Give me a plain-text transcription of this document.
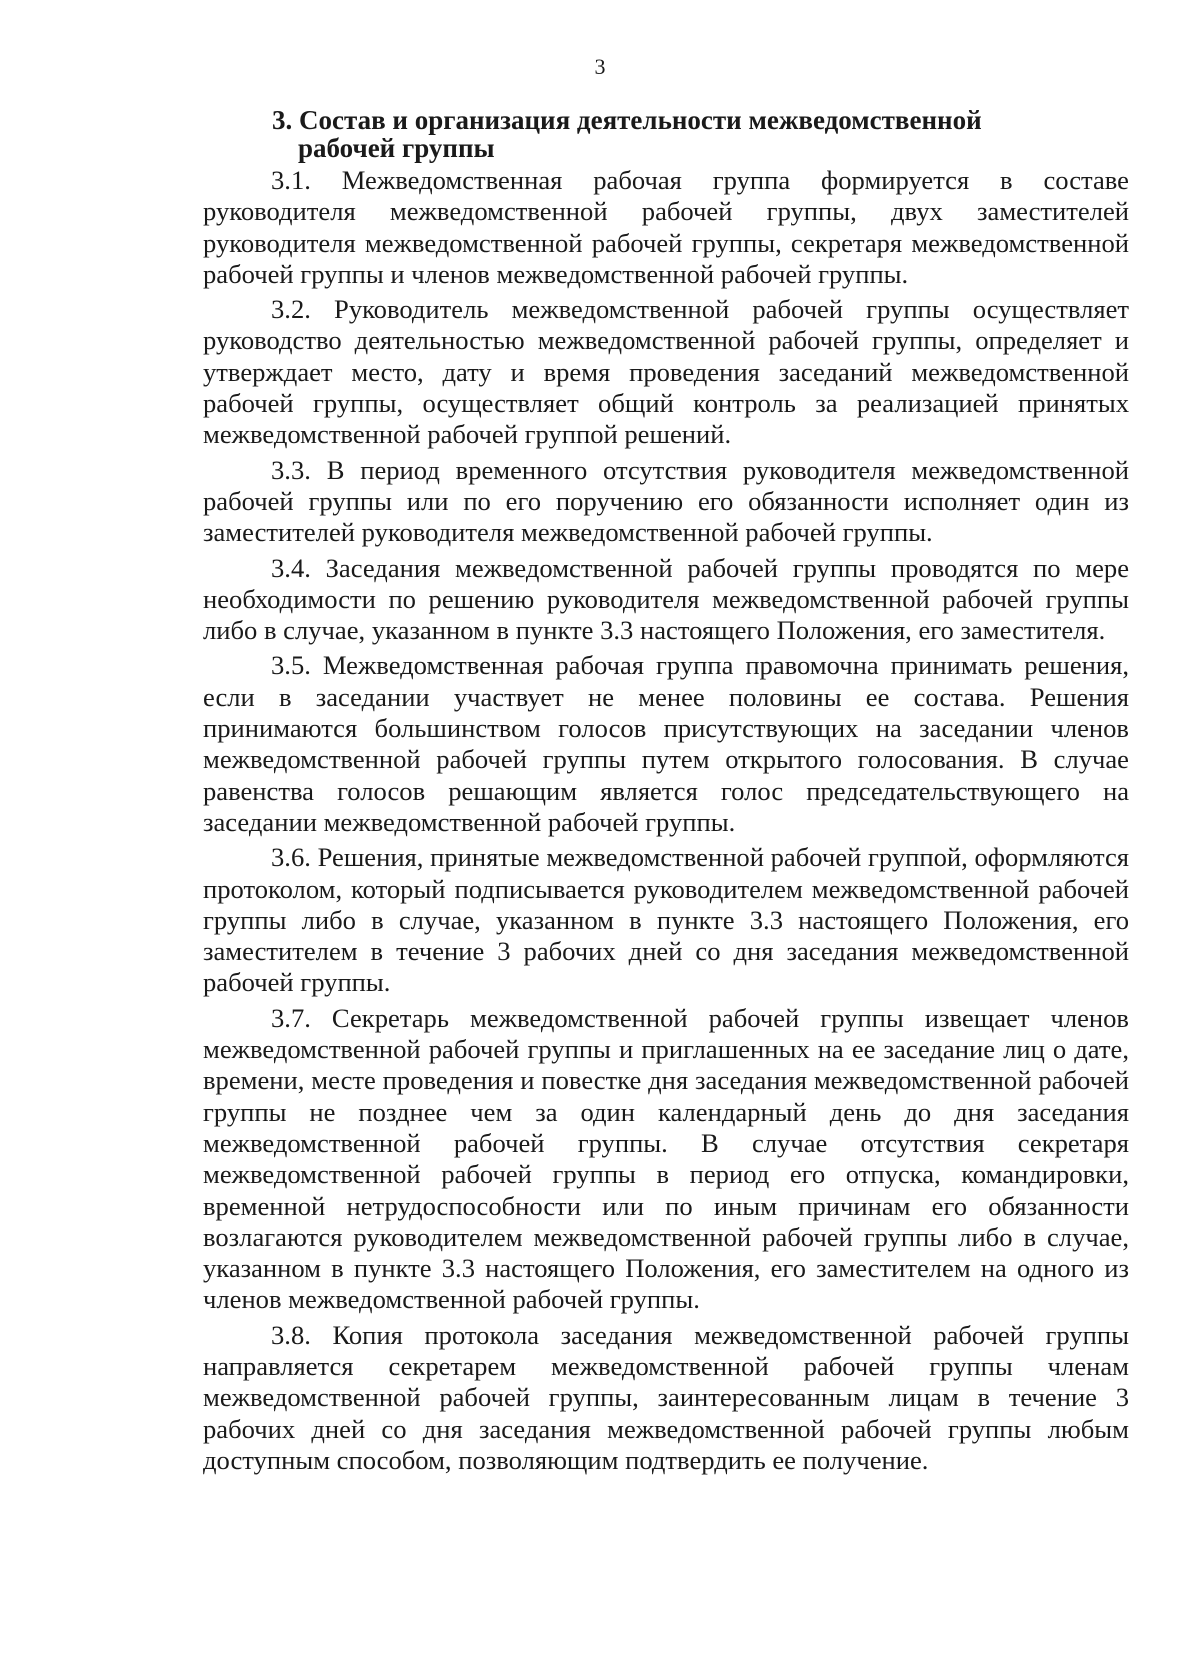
3
3. Состав и организация деятельности межведомственной
рабочей группы

3.1. Межведомственная рабочая группа формируется в составе руководителя межведомственной рабочей группы, двух заместителей руководителя межведомственной рабочей группы, секретаря межведомственной рабочей группы и членов межведомственной рабочей группы.

3.2. Руководитель межведомственной рабочей группы осуществляет руководство деятельностью межведомственной рабочей группы, определяет и утверждает место, дату и время проведения заседаний межведомственной рабочей группы, осуществляет общий контроль за реализацией принятых межведомственной рабочей группой решений.

3.3. В период временного отсутствия руководителя межведомственной рабочей группы или по его поручению его обязанности исполняет один из заместителей руководителя межведомственной рабочей группы.

3.4. Заседания межведомственной рабочей группы проводятся по мере необходимости по решению руководителя межведомственной рабочей группы либо в случае, указанном в пункте 3.3 настоящего Положения, его заместителя.

3.5. Межведомственная рабочая группа правомочна принимать решения, если в заседании участвует не менее половины ее состава. Решения принимаются большинством голосов присутствующих на заседании членов межведомственной рабочей группы путем открытого голосования. В случае равенства голосов решающим является голос председательствующего на заседании межведомственной рабочей группы.

3.6. Решения, принятые межведомственной рабочей группой, оформляются протоколом, который подписывается руководителем межведомственной рабочей группы либо в случае, указанном в пункте 3.3 настоящего Положения, его заместителем в течение 3 рабочих дней со дня заседания межведомственной рабочей группы.

3.7. Секретарь межведомственной рабочей группы извещает членов межведомственной рабочей группы и приглашенных на ее заседание лиц о дате, времени, месте проведения и повестке дня заседания межведомственной рабочей группы не позднее чем за один календарный день до дня заседания межведомственной рабочей группы. В случае отсутствия секретаря межведомственной рабочей группы в период его отпуска, командировки, временной нетрудоспособности или по иным причинам его обязанности возлагаются руководителем межведомственной рабочей группы либо в случае, указанном в пункте 3.3 настоящего Положения, его заместителем на одного из членов межведомственной рабочей группы.

3.8. Копия протокола заседания межведомственной рабочей группы направляется секретарем межведомственной рабочей группы членам межведомственной рабочей группы, заинтересованным лицам в течение 3 рабочих дней со дня заседания межведомственной рабочей группы любым доступным способом, позволяющим подтвердить ее получение.
